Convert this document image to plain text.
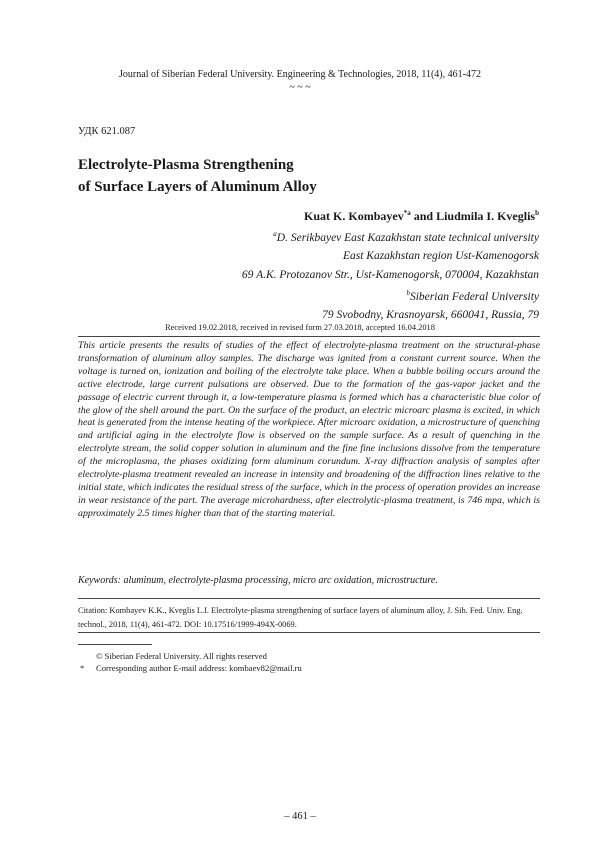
Journal of Siberian Federal University. Engineering & Technologies, 2018, 11(4), 461-472
~ ~ ~
УДК 621.087
Electrolyte-Plasma Strengthening
of Surface Layers of Aluminum Alloy
Kuat K. Kombayev$^{*a}$ and Liudmila I. Kveglis$^b$
$^a$D. Serikbayev East Kazakhstan state technical university
East Kazakhstan region Ust-Kamenogorsk
69 A.K. Protozanov Str., Ust-Kamenogorsk, 070004, Kazakhstan
$^b$Siberian Federal University
79 Svobodny, Krasnoyarsk, 660041, Russia, 79
Received 19.02.2018, received in revised form 27.03.2018, accepted 16.04.2018
This article presents the results of studies of the effect of electrolyte-plasma treatment on the structural-phase transformation of aluminum alloy samples. The discharge was ignited from a constant current source. When the voltage is turned on, ionization and boiling of the electrolyte take place. When a bubble boiling occurs around the active electrode, large current pulsations are observed. Due to the formation of the gas-vapor jacket and the passage of electric current through it, a low-temperature plasma is formed which has a characteristic blue color of the glow of the shell around the part. On the surface of the product, an electric microarc plasma is excited, in which heat is generated from the intense heating of the workpiece. After microarc oxidation, a microstructure of quenching and artificial aging in the electrolyte flow is observed on the sample surface. As a result of quenching in the electrolyte stream, the solid copper solution in aluminum and the fine fine inclusions dissolve from the temperature of the microplasma, the phases oxidizing form aluminum corundum. X-ray diffraction analysis of samples after electrolyte-plasma treatment revealed an increase in intensity and broadening of the diffraction lines relative to the initial state, which indicates the residual stress of the surface, which in the process of operation provides an increase in wear resistance of the part. The average microhardness, after electrolytic-plasma treatment, is 746 mpa, which is approximately 2.5 times higher than that of the starting material.
Keywords: aluminum, electrolyte-plasma processing, micro arc oxidation, microstructure.
Citation: Kombayev K.K., Kveglis L.I. Electrolyte-plasma strengthening of surface layers of aluminum alloy, J. Sib. Fed. Univ. Eng. technol., 2018, 11(4), 461-472. DOI: 10.17516/1999-494X-0069.
© Siberian Federal University. All rights reserved
* Corresponding author E-mail address: kombaev82@mail.ru
– 461 –
